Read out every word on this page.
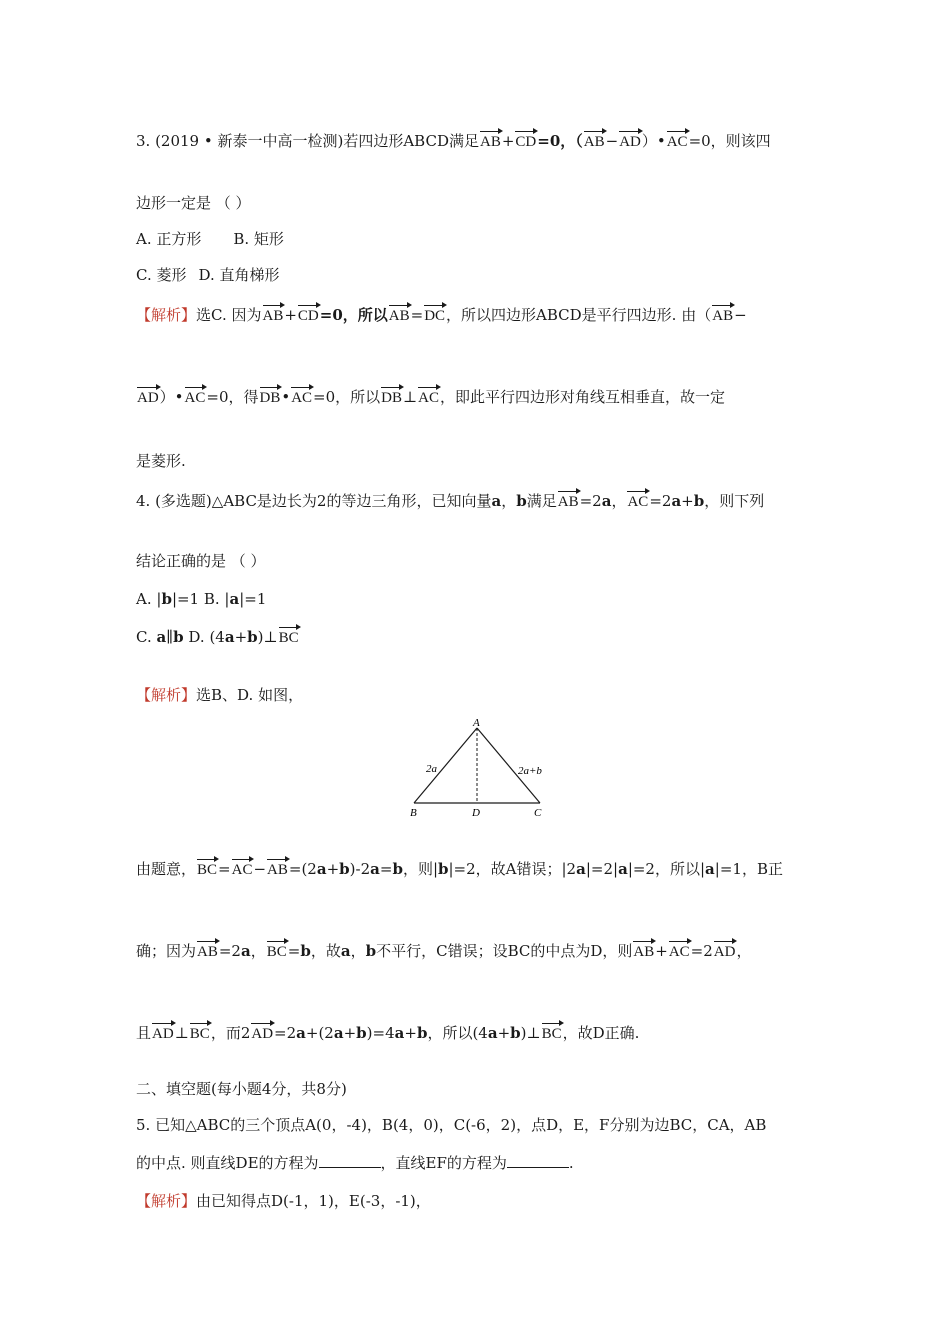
3. (2019 • 新泰一中高一检测)若四边形ABCD满足AB+CD=0，（AB−AD）•AC=0，则该四
边形一定是 （ ）
A. 正方形 B. 矩形
C. 菱形 D. 直角梯形
【解析】选C. 因为AB+CD=0，所以AB=DC，所以四边形ABCD是平行四边形. 由（AB−
AD）•AC=0，得DB•AC=0，所以DB⊥AC，即此平行四边形对角线互相垂直，故一定
是菱形.
4. (多选题)△ABC是边长为2的等边三角形，已知向量a，b满足AB=2a，AC=2a+b，则下列
结论正确的是 （ ）
A. |b|=1 B. |a|=1
C. a∥b D. (4a+b)⊥BC
【解析】选B、D. 如图，
A
B	D	C
2a	2a+b
由题意，BC=AC−AB=(2a+b)-2a=b，则|b|=2，故A错误；|2a|=2|a|=2，所以|a|=1，B正
确；因为AB=2a，BC=b，故a，b不平行，C错误；设BC的中点为D，则AB+AC=2AD，
且AD⊥BC，而2AD=2a+(2a+b)=4a+b，所以(4a+b)⊥BC，故D正确.
二、填空题(每小题4分，共8分)
5. 已知△ABC的三个顶点A(0，-4)，B(4，0)，C(-6，2)，点D，E，F分别为边BC，CA，AB
的中点. 则直线DE的方程为	，直线EF的方程为	.
【解析】由已知得点D(-1，1)，E(-3，-1)，
